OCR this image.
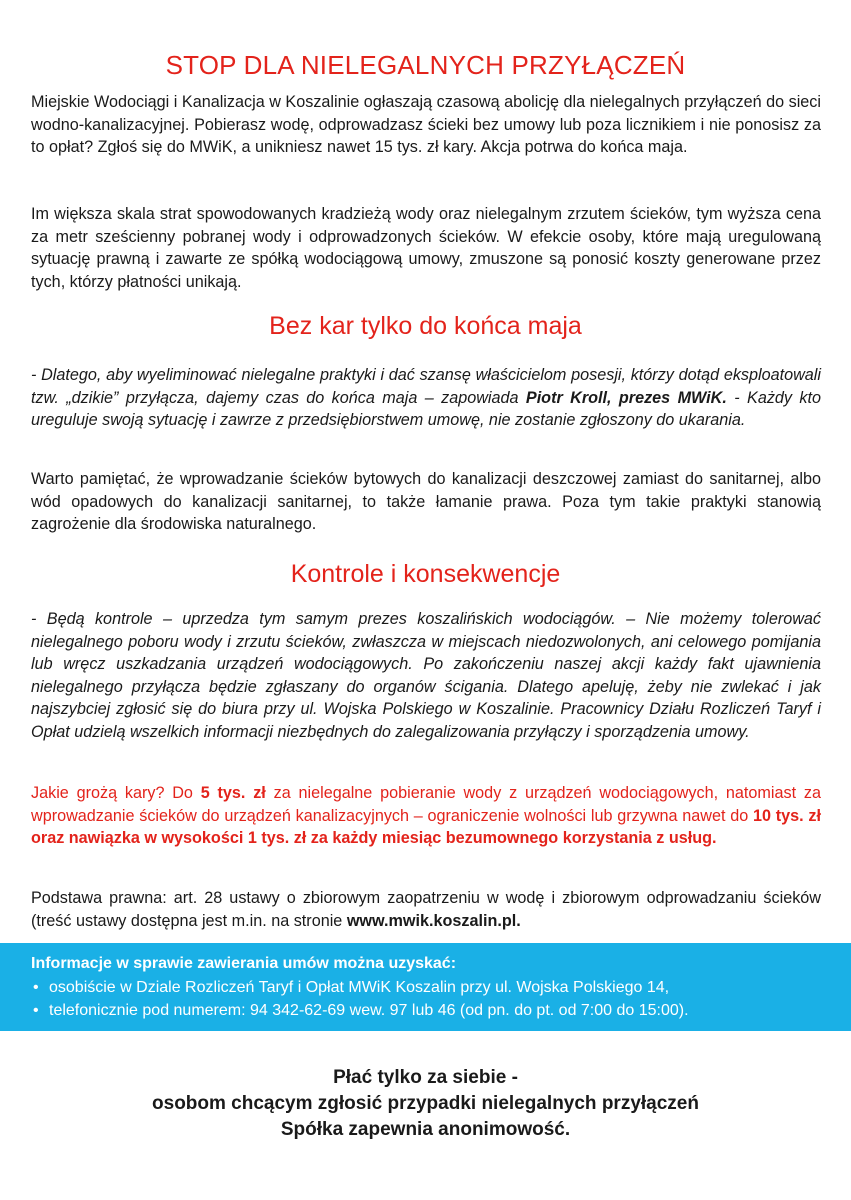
STOP DLA NIELEGALNYCH PRZYŁĄCZEŃ

Miejskie Wodociągi i Kanalizacja w Koszalinie ogłaszają czasową abolicję dla nielegalnych przyłączeń do sieci wodno-kanalizacyjnej. Pobierasz wodę, odprowadzasz ścieki bez umowy lub poza licznikiem i nie ponosisz za to opłat? Zgłoś się do MWiK, a unikniesz nawet 15 tys. zł kary. Akcja potrwa do końca maja.

Im większa skala strat spowodowanych kradzieżą wody oraz nielegalnym zrzutem ścieków, tym wyższa cena za metr sześcienny pobranej wody i odprowadzonych ścieków. W efekcie osoby, które mają uregulowaną sytuację prawną i zawarte ze spółką wodociągową umowy, zmuszone są ponosić koszty generowane przez tych, którzy płatności unikają.

Bez kar tylko do końca maja

- Dlatego, aby wyeliminować nielegalne praktyki i dać szansę właścicielom posesji, którzy dotąd eksploatowali tzw. „dzikie” przyłącza, dajemy czas do końca maja – zapowiada Piotr Kroll, prezes MWiK. - Każdy kto ureguluje swoją sytuację i zawrze z przedsiębiorstwem umowę, nie zostanie zgłoszony do ukarania.

Warto pamiętać, że wprowadzanie ścieków bytowych do kanalizacji deszczowej zamiast do sanitarnej, albo wód opadowych do kanalizacji sanitarnej, to także łamanie prawa. Poza tym takie praktyki stanowią zagrożenie dla środowiska naturalnego.

Kontrole i konsekwencje

- Będą kontrole – uprzedza tym samym prezes koszalińskich wodociągów. – Nie możemy tolerować nielegalnego poboru wody i zrzutu ścieków, zwłaszcza w miejscach niedozwolonych, ani celowego pomijania lub wręcz uszkadzania urządzeń wodociągowych. Po zakończeniu naszej akcji każdy fakt ujawnienia nielegalnego przyłącza będzie zgłaszany do organów ścigania. Dlatego apeluję, żeby nie zwlekać i jak najszybciej zgłosić się do biura przy ul. Wojska Polskiego w Koszalinie. Pracownicy Działu Rozliczeń Taryf i Opłat udzielą wszelkich informacji niezbędnych do zalegalizowania przyłączy i sporządzenia umowy.

Jakie grożą kary? Do 5 tys. zł za nielegalne pobieranie wody z urządzeń wodociągowych, natomiast za wprowadzanie ścieków do urządzeń kanalizacyjnych – ograniczenie wolności lub grzywna nawet do 10 tys. zł oraz nawiązka w wysokości 1 tys. zł za każdy miesiąc bezumownego korzystania z usług.

Podstawa prawna: art. 28 ustawy o zbiorowym zaopatrzeniu w wodę i zbiorowym odprowadzaniu ścieków (treść ustawy dostępna jest m.in. na stronie www.mwik.koszalin.pl.

Informacje w sprawie zawierania umów można uzyskać:
• osobiście w Dziale Rozliczeń Taryf i Opłat MWiK Koszalin przy ul. Wojska Polskiego 14,
• telefonicznie pod numerem: 94 342-62-69 wew. 97 lub 46 (od pn. do pt. od 7:00 do 15:00).
Płać tylko za siebie -
osobom chcącym zgłosić przypadki nielegalnych przyłączeń
Spółka zapewnia anonimowość.
